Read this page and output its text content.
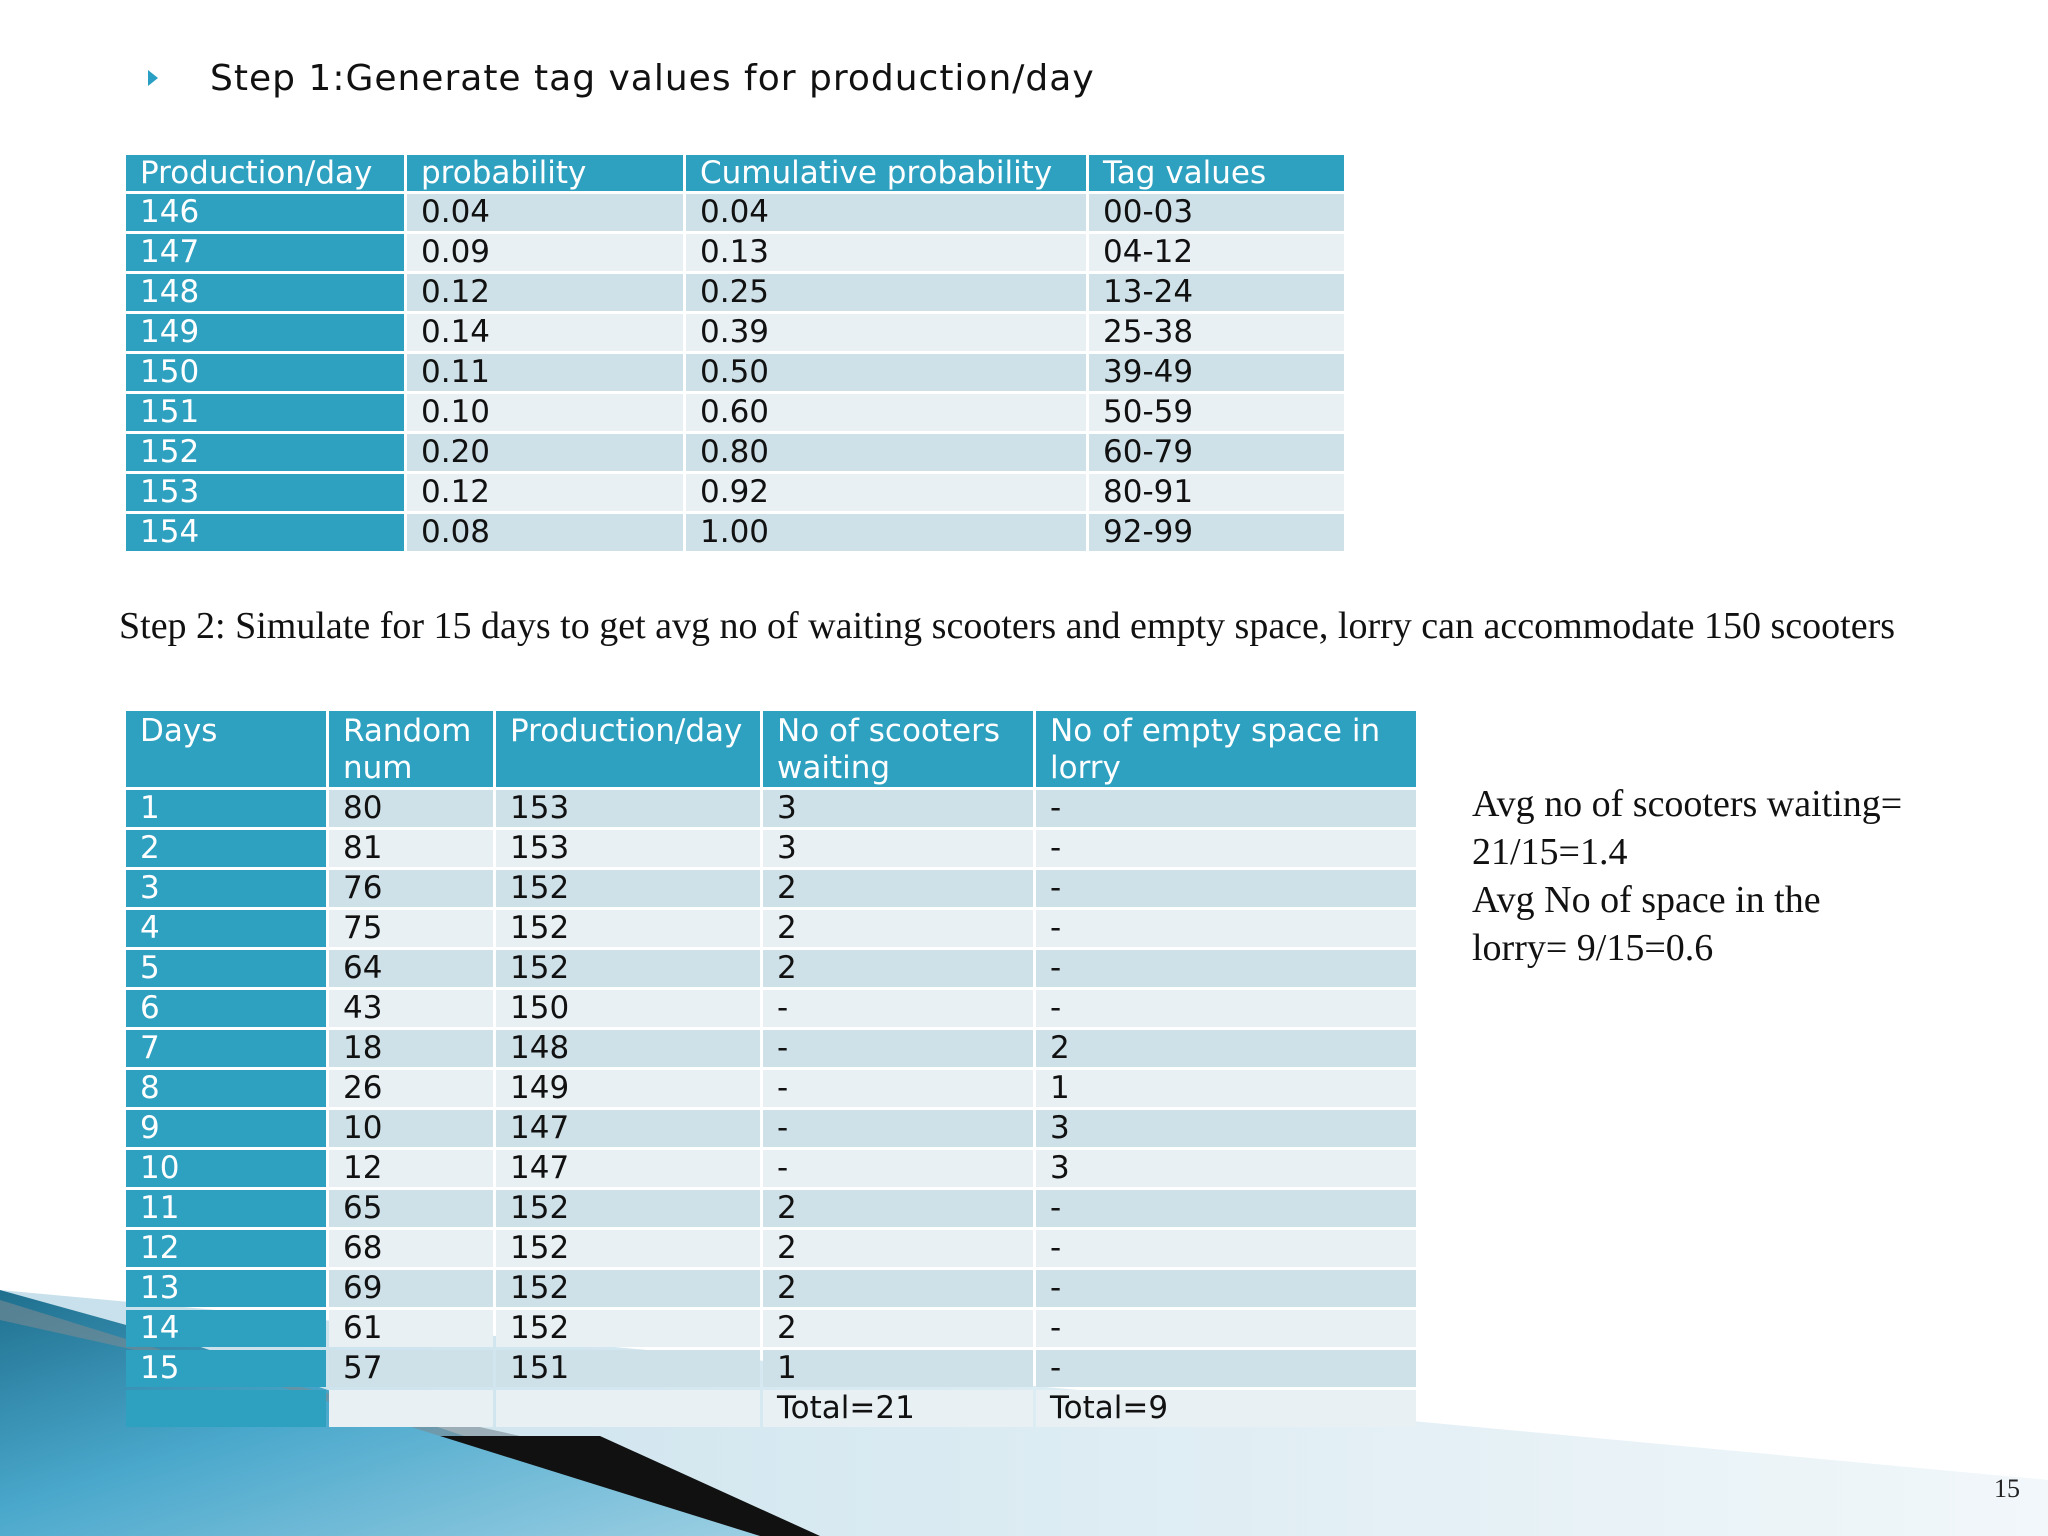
Step 1:Generate tag values for production/day
Production/day	probability	Cumulative probability	Tag values
146	0.04	0.04	00-03
147	0.09	0.13	04-12
148	0.12	0.25	13-24
149	0.14	0.39	25-38
150	0.11	0.50	39-49
151	0.10	0.60	50-59
152	0.20	0.80	60-79
153	0.12	0.92	80-91
154	0.08	1.00	92-99
Step 2: Simulate for 15 days to get avg no of waiting scooters and empty space, lorry can accommodate 150 scooters
Days	Random num	Production/day	No of scooters waiting	No of empty space in lorry
1	80	153	3	-
2	81	153	3	-
3	76	152	2	-
4	75	152	2	-
5	64	152	2	-
6	43	150	-	-
7	18	148	-	2
8	26	149	-	1
9	10	147	-	3
10	12	147	-	3
11	65	152	2	-
12	68	152	2	-
13	69	152	2	-
14	61	152	2	-
15	57	151	1	-
			Total=21	Total=9
Avg no of scooters waiting=
21/15=1.4
Avg No of space in the
lorry= 9/15=0.6
15
